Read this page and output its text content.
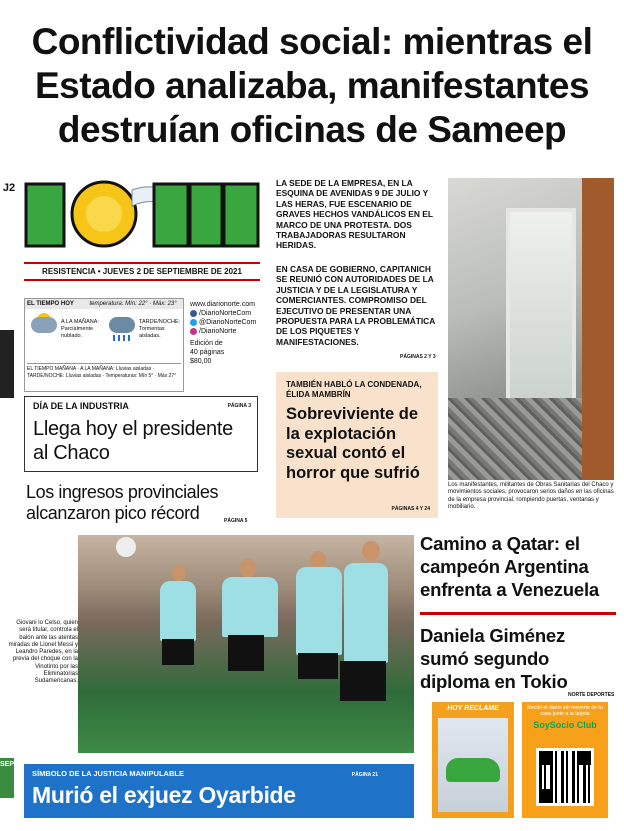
Conflictividad social: mientras el Estado analizaba, manifestantes destruían oficinas de Sameep
J2
NORTE
RESISTENCIA • JUEVES 2 DE SEPTIEMBRE DE 2021
EL TIEMPO HOY	temperatura: Mín: 22° · Máx: 23°
A LA MAÑANA: Parcialmente nublado.
TARDE/NOCHE: Tormentas aisladas.
EL TIEMPO MAÑANA · A LA MAÑANA: Lluvias aisladas · TARDE/NOCHE: Lluvias aisladas · Temperaturas: Mín 5° · Máx 27°
www.diarionorte.com
/DiarioNorteCom
@DiarioNorteCom
/DiarioNorte
Edición de
40 páginas
$80,00
DÍA DE LA INDUSTRIA	PÁGINA 3
Llega hoy el presidente al Chaco
Los ingresos provinciales alcanzaron pico récord	PÁGINA 5
LA SEDE DE LA EMPRESA, EN LA ESQUINA DE AVENIDAS 9 DE JULIO Y LAS HERAS, FUE ESCENARIO DE GRAVES HECHOS VANDÁLICOS EN EL MARCO DE UNA PROTESTA. DOS TRABAJADORAS RESULTARON HERIDAS.
EN CASA DE GOBIERNO, CAPITANICH SE REUNIÓ CON AUTORIDADES DE LA JUSTICIA Y DE LA LEGISLATURA Y COMERCIANTES. COMPROMISO DEL EJECUTIVO DE PRESENTAR UNA PROPUESTA PARA LA PROBLEMÁTICA DE LOS PIQUETES Y MANIFESTACIONES.
PÁGINAS 2 Y 3
Los manifestantes, militantes de Obras Sanitarias del Chaco y movimientos sociales, provocaron serios daños en las oficinas de la empresa provincial, rompiendo puertas, ventanas y mobiliario.
TAMBIÉN HABLÓ LA CONDENADA, ÉLIDA MAMBRÍN
Sobreviviente de la explotación sexual contó el horror que sufrió
PÁGINAS 4 Y 24
Giovani lo Celso, quien será titular, controla el balón ante las atentas miradas de Lionel Messi y Leandro Paredes, en la previa del choque con la Vinotinto por las Eliminatorias Sudamericanas.
Camino a Qatar: el campeón Argentina enfrenta a Venezuela
Daniela Giménez sumó segundo diploma en Tokio
NORTE DEPORTES
HOY RECLAME	Recibí el diario sin moverte de tu casa junto a la tarjeta
SoySocio Club
SEP
SÍMBOLO DE LA JUSTICIA MANIPULABLE	PÁGINA 21
Murió el exjuez Oyarbide
